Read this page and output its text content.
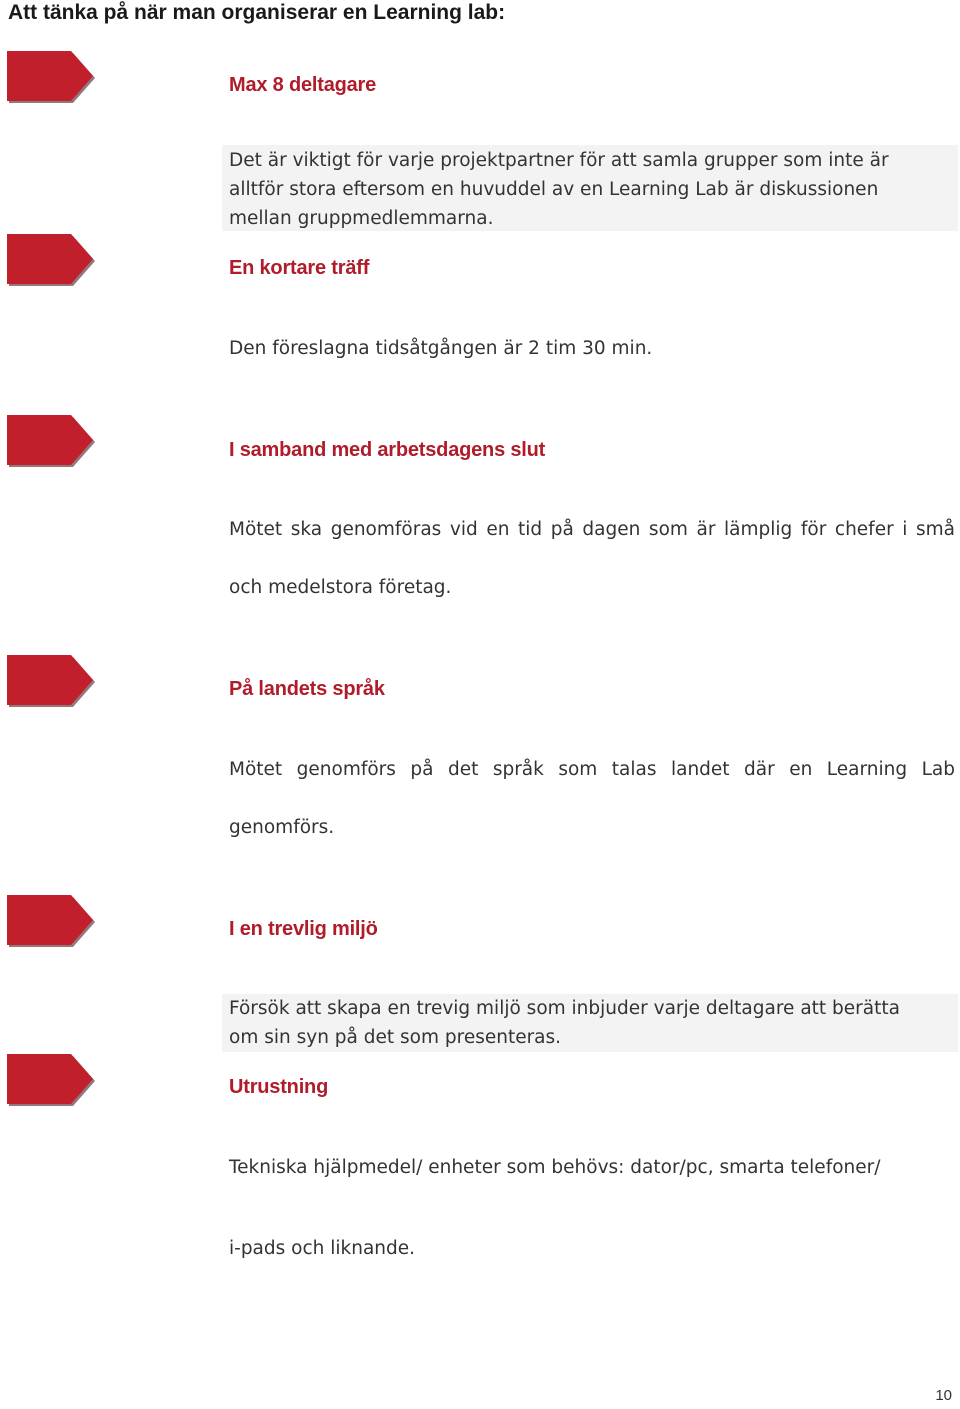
Att tänka på när man organiserar en Learning lab:
Max 8 deltagare
Det är viktigt för varje projektpartner för att samla grupper som inte är
alltför stora eftersom en huvuddel av en Learning Lab är diskussionen
mellan gruppmedlemmarna.
En kortare träff
Den föreslagna tidsåtgången är 2 tim 30 min.
I samband med arbetsdagens slut
Mötet ska genomföras vid en tid på dagen som är lämplig för chefer i små
och medelstora företag.
På landets språk
Mötet genomförs på det språk som talas landet där en Learning Lab
genomförs.
I en trevlig miljö
Försök att skapa en trevig miljö som inbjuder varje deltagare att berätta
om sin syn på det som presenteras.
Utrustning
Tekniska hjälpmedel/ enheter som behövs: dator/pc, smarta telefoner/
i-pads och liknande.
10
